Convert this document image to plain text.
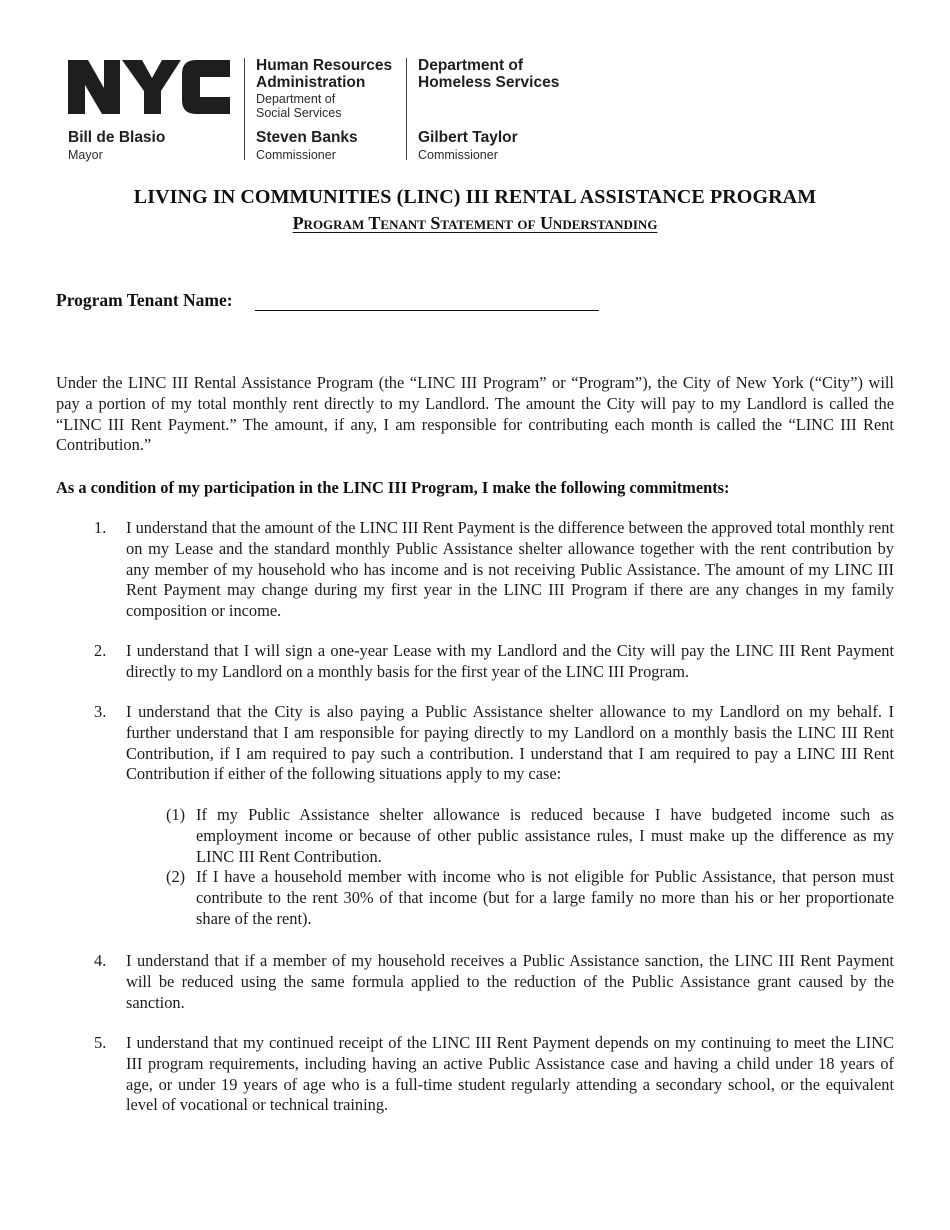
Bill de Blasio
Mayor
Human Resources
Administration
Department of
Social Services
Steven Banks
Commissioner
Department of
Homeless Services
Gilbert Taylor
Commissioner
LIVING IN COMMUNITIES (LINC) III RENTAL ASSISTANCE PROGRAM
Program Tenant Statement of Understanding
Program Tenant Name:
Under the LINC III Rental Assistance Program (the “LINC III Program” or “Program”), the City of New York (“City”) will pay a portion of my total monthly rent directly to my Landlord. The amount the City will pay to my Landlord is called the “LINC III Rent Payment.” The amount, if any, I am responsible for contributing each month is called the “LINC III Rent Contribution.”
As a condition of my participation in the LINC III Program, I make the following commitments:
1.	I understand that the amount of the LINC III Rent Payment is the difference between the approved total monthly rent on my Lease and the standard monthly Public Assistance shelter allowance together with the rent contribution by any member of my household who has income and is not receiving Public Assistance. The amount of my LINC III Rent Payment may change during my first year in the LINC III Program if there are any changes in my family composition or income.
2.	I understand that I will sign a one-year Lease with my Landlord and the City will pay the LINC III Rent Payment directly to my Landlord on a monthly basis for the first year of the LINC III Program.
3.	I understand that the City is also paying a Public Assistance shelter allowance to my Landlord on my behalf. I further understand that I am responsible for paying directly to my Landlord on a monthly basis the LINC III Rent Contribution, if I am required to pay such a contribution. I understand that I am required to pay a LINC III Rent Contribution if either of the following situations apply to my case:
(1) If my Public Assistance shelter allowance is reduced because I have budgeted income such as employment income or because of other public assistance rules, I must make up the difference as my LINC III Rent Contribution.
(2) If I have a household member with income who is not eligible for Public Assistance, that person must contribute to the rent 30% of that income (but for a large family no more than his or her proportionate share of the rent).
4.	I understand that if a member of my household receives a Public Assistance sanction, the LINC III Rent Payment will be reduced using the same formula applied to the reduction of the Public Assistance grant caused by the sanction.
5.	I understand that my continued receipt of the LINC III Rent Payment depends on my continuing to meet the LINC III program requirements, including having an active Public Assistance case and having a child under 18 years of age, or under 19 years of age who is a full-time student regularly attending a secondary school, or the equivalent level of vocational or technical training.
